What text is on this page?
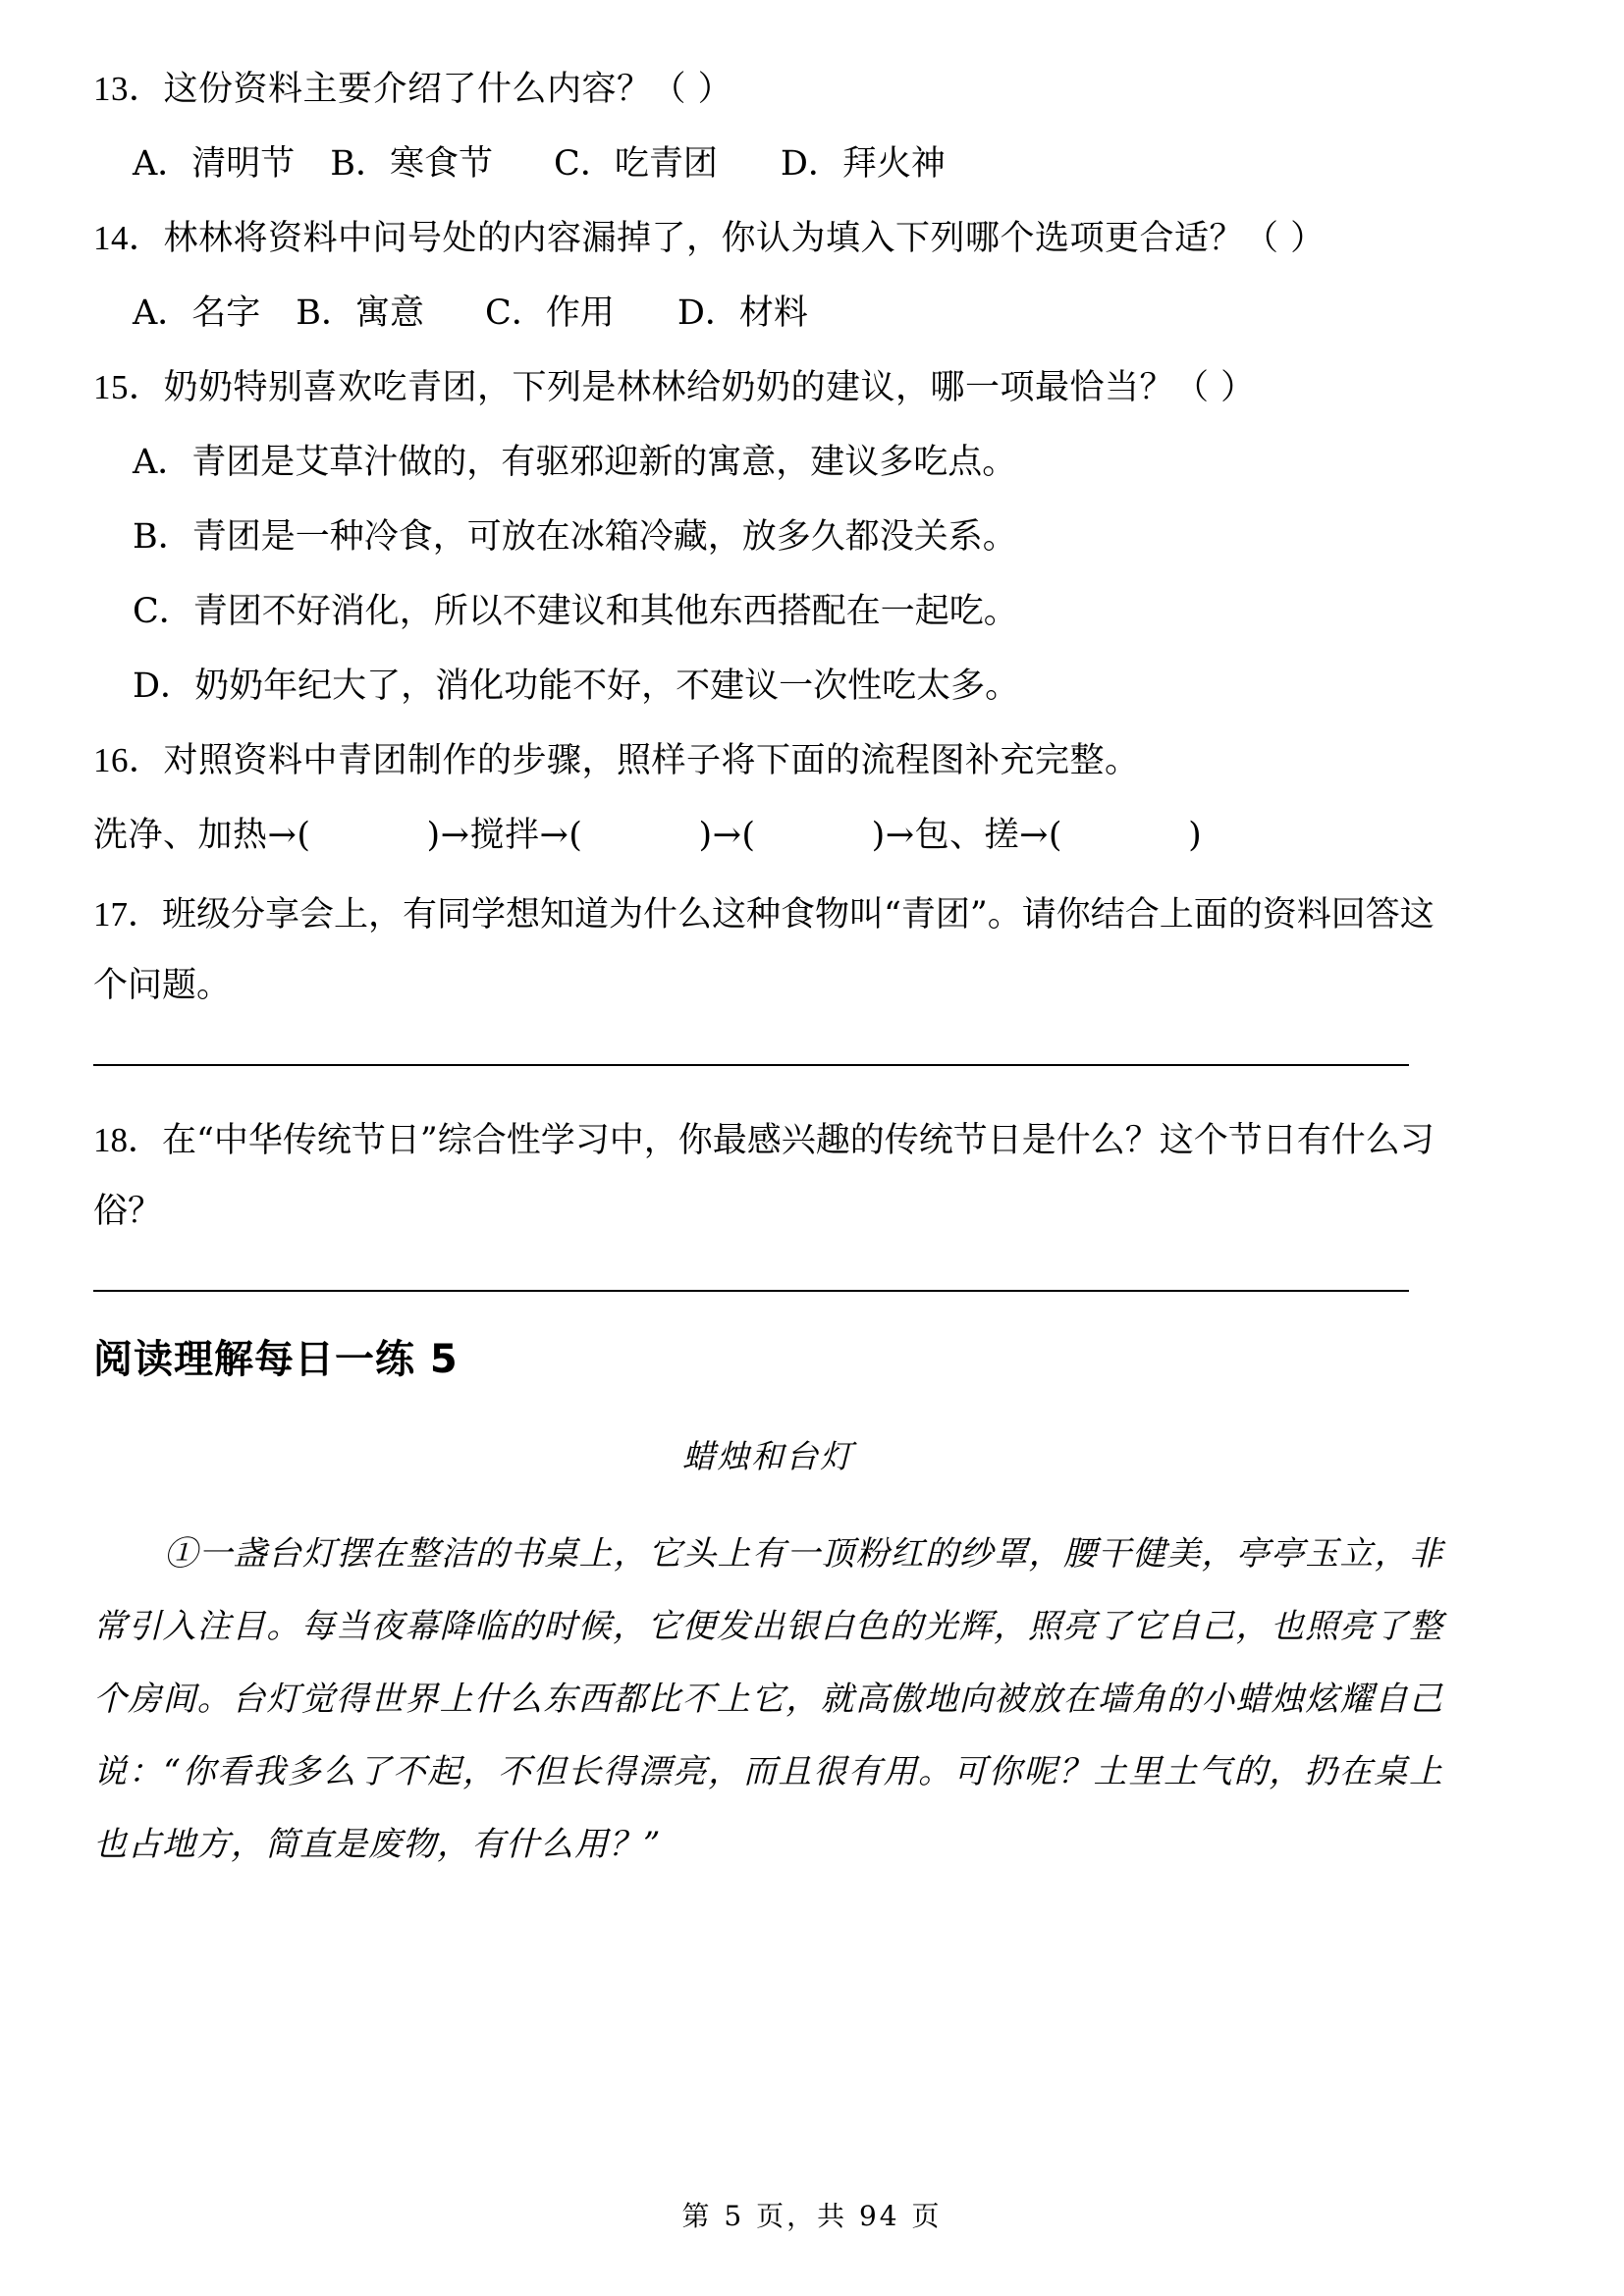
13．这份资料主要介绍了什么内容？（ ）

A．清明节 B．寒食节 C．吃青团 D．拜火神

14．林林将资料中问号处的内容漏掉了，你认为填入下列哪个选项更合适？（ ）

A．名字 B．寓意 C．作用 D．材料

15．奶奶特别喜欢吃青团，下列是林林给奶奶的建议，哪一项最恰当？（ ）

A．青团是艾草汁做的，有驱邪迎新的寓意，建议多吃点。

B．青团是一种冷食，可放在冰箱冷藏，放多久都没关系。

C．青团不好消化，所以不建议和其他东西搭配在一起吃。

D．奶奶年纪大了，消化功能不好，不建议一次性吃太多。

16．对照资料中青团制作的步骤，照样子将下面的流程图补充完整。

洗净、加热→(	)→搅拌→(	)→(	)→包、搓→(	)

17．班级分享会上，有同学想知道为什么这种食物叫“青团”。请你结合上面的资料回答这个问题。

18．在“中华传统节日”综合性学习中，你最感兴趣的传统节日是什么？这个节日有什么习俗？

阅读理解每日一练 5

蜡烛和台灯

①一盏台灯摆在整洁的书桌上，它头上有一顶粉红的纱罩，腰干健美，亭亭玉立，非常引入注目。每当夜幕降临的时候，它便发出银白色的光辉，照亮了它自己，也照亮了整个房间。台灯觉得世界上什么东西都比不上它，就高傲地向被放在墙角的小蜡烛炫耀自己说：“你看我多么了不起，不但长得漂亮，而且很有用。可你呢？土里土气的，扔在桌上也占地方，简直是废物，有什么用？”

第 5 页，共 94 页
